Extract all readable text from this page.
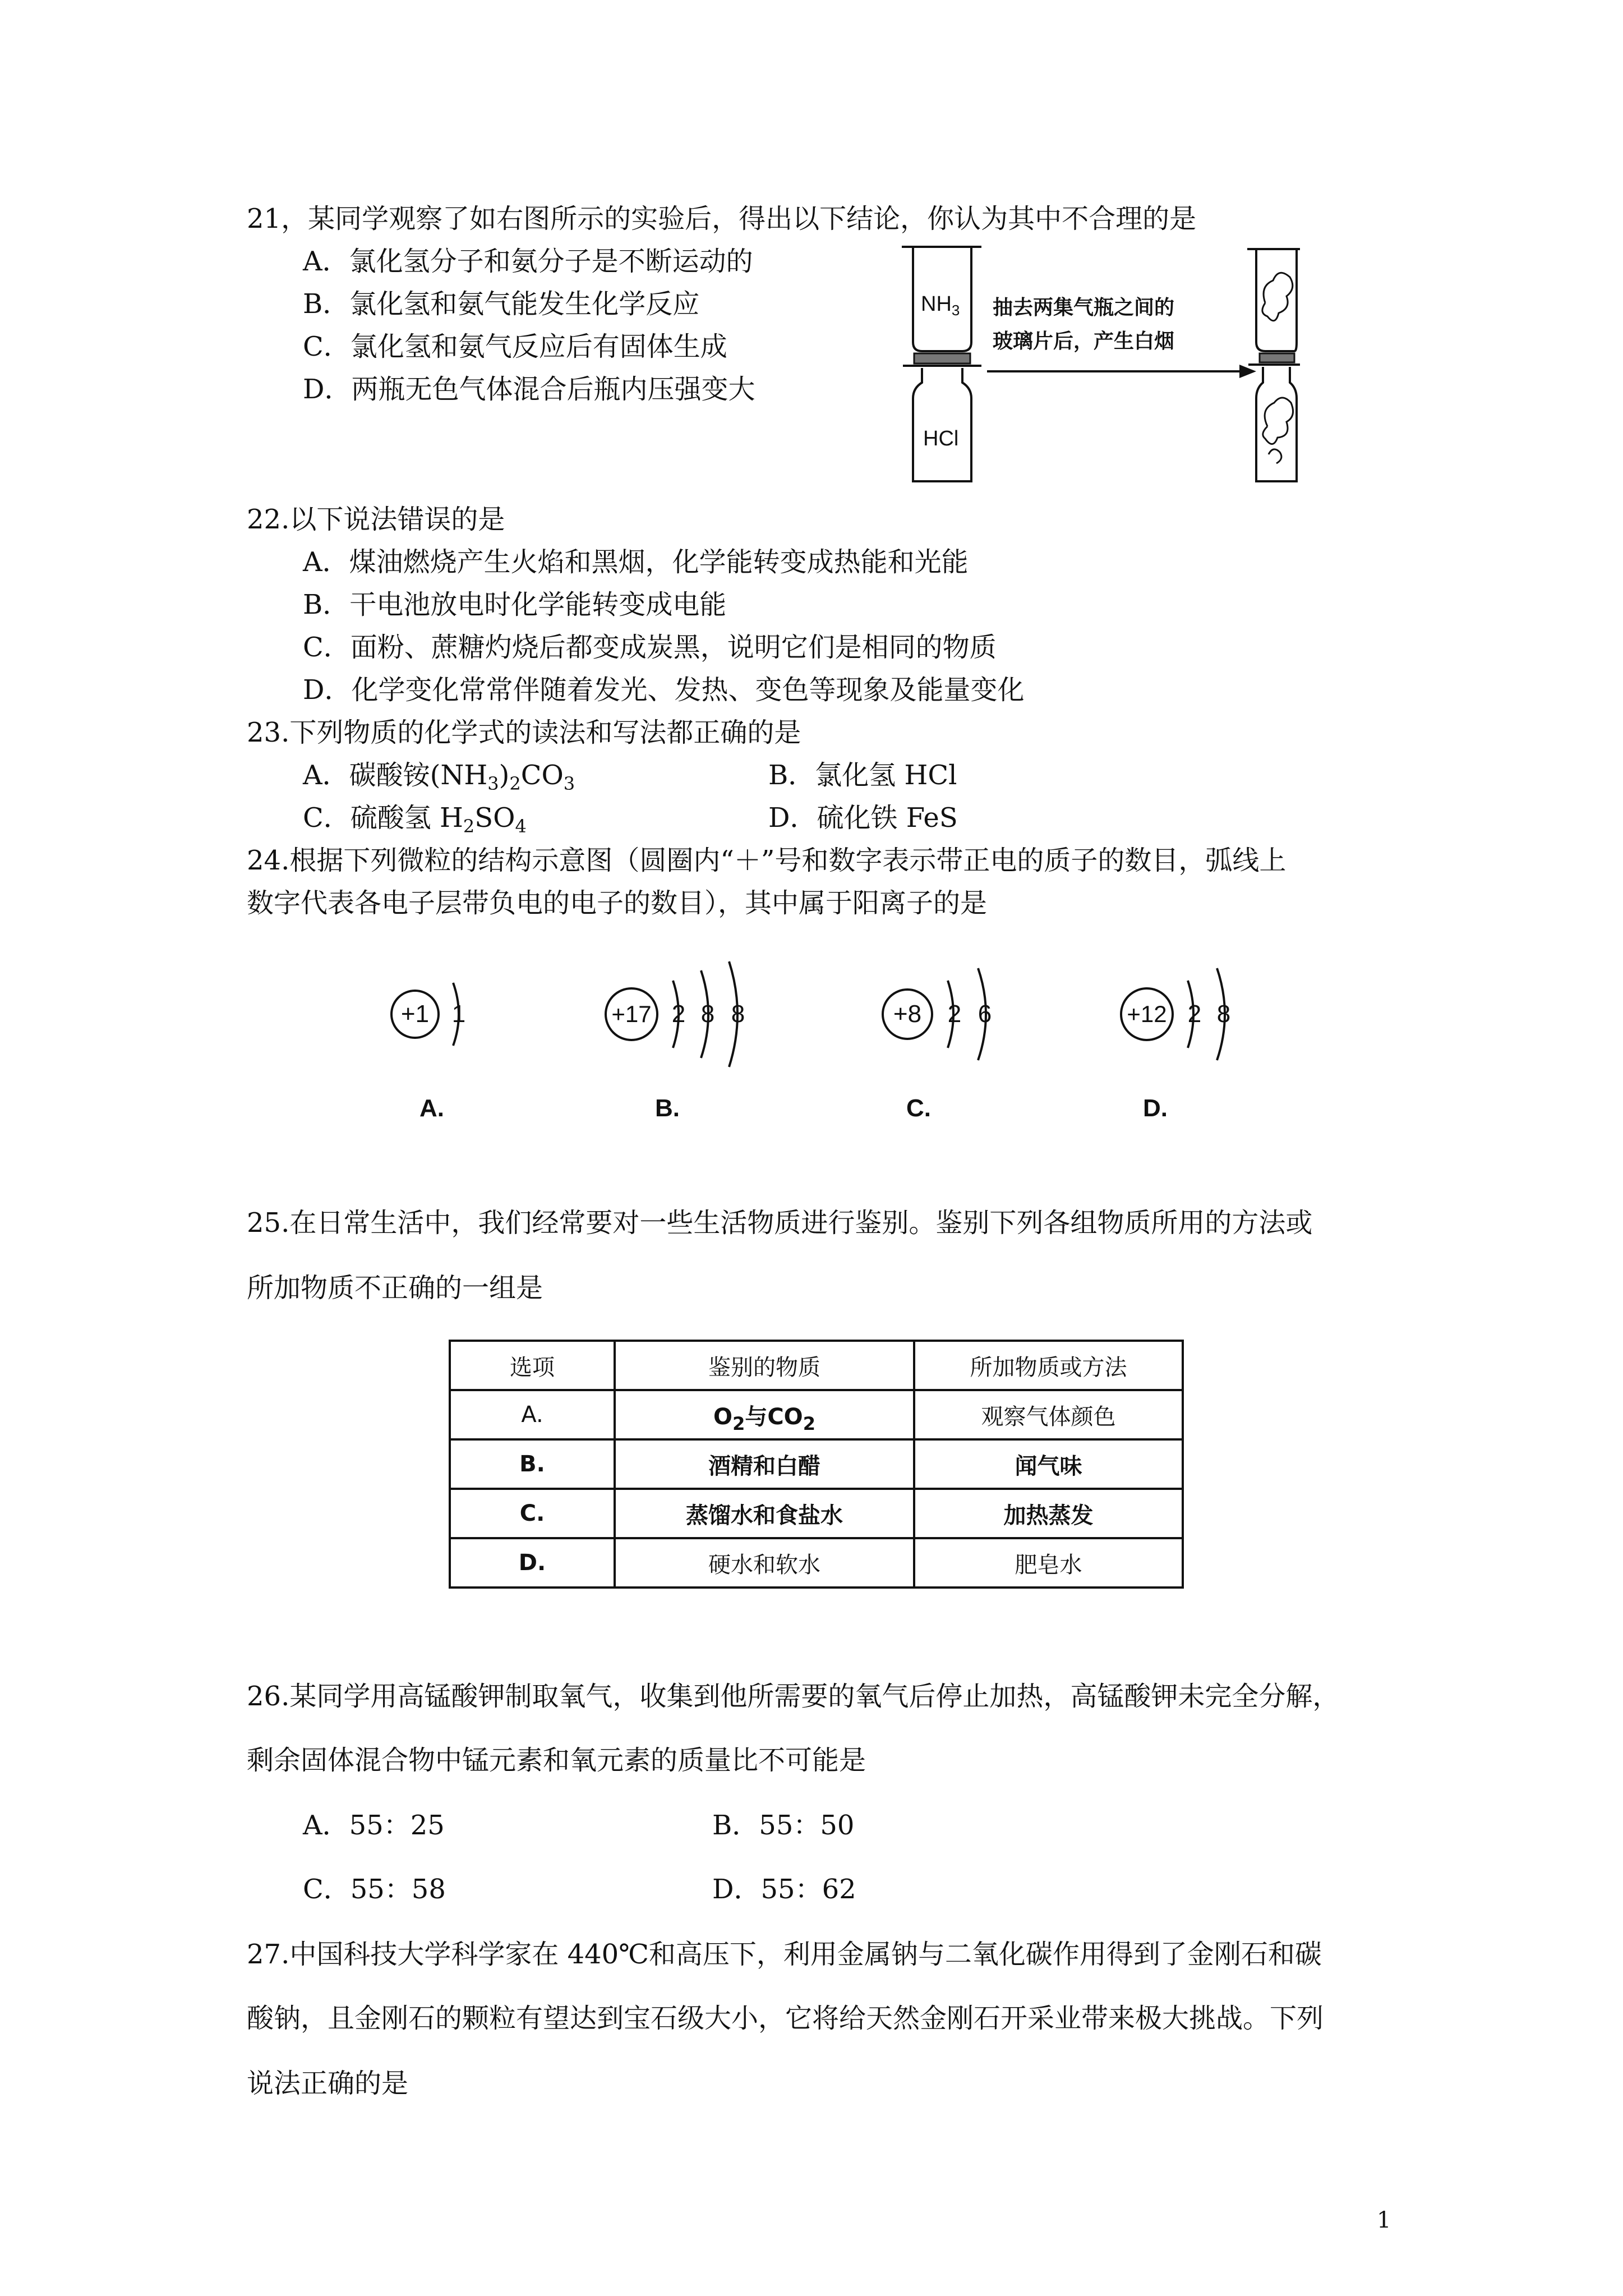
21，某同学观察了如右图所示的实验后，得出以下结论，你认为其中不合理的是
A．氯化氢分子和氨分子是不断运动的
B．氯化氢和氨气能发生化学反应
C．氯化氢和氨气反应后有固体生成
D．两瓶无色气体混合后瓶内压强变大
$NH_3$
HCl
抽去两集气瓶之间的
玻璃片后，产生白烟
22.以下说法错误的是
A．煤油燃烧产生火焰和黑烟，化学能转变成热能和光能
B．干电池放电时化学能转变成电能
C．面粉、蔗糖灼烧后都变成炭黑，说明它们是相同的物质
D．化学变化常常伴随着发光、发热、变色等现象及能量变化
23.下列物质的化学式的读法和写法都正确的是
A．碳酸铵$(NH_3)_2CO_3$	B．氯化氢 HCl
C．硫酸氢 $H_2SO_4$	D．硫化铁 FeS
24.根据下列微粒的结构示意图（圆圈内“＋”号和数字表示带正电的质子的数目，弧线上
数字代表各电子层带负电的电子的数目），其中属于阳离子的是
+1 1
A.
+17 2 8 8
B.
+8 2 6
C.
+12 2 8
D.
25.在日常生活中，我们经常要对一些生活物质进行鉴别。鉴别下列各组物质所用的方法或
所加物质不正确的一组是
选项	鉴别的物质	所加物质或方法
A.	$O_2$与$CO_2$	观察气体颜色
B.	酒精和白醋	闻气味
C.	蒸馏水和食盐水	加热蒸发
D.	硬水和软水	肥皂水
26.某同学用高锰酸钾制取氧气，收集到他所需要的氧气后停止加热，高锰酸钾未完全分解，
剩余固体混合物中锰元素和氧元素的质量比不可能是
A．55：25	B．55：50
C．55：58	D．55：62
27.中国科技大学科学家在 440℃和高压下，利用金属钠与二氧化碳作用得到了金刚石和碳
酸钠，且金刚石的颗粒有望达到宝石级大小，它将给天然金刚石开采业带来极大挑战。下列
说法正确的是
1
